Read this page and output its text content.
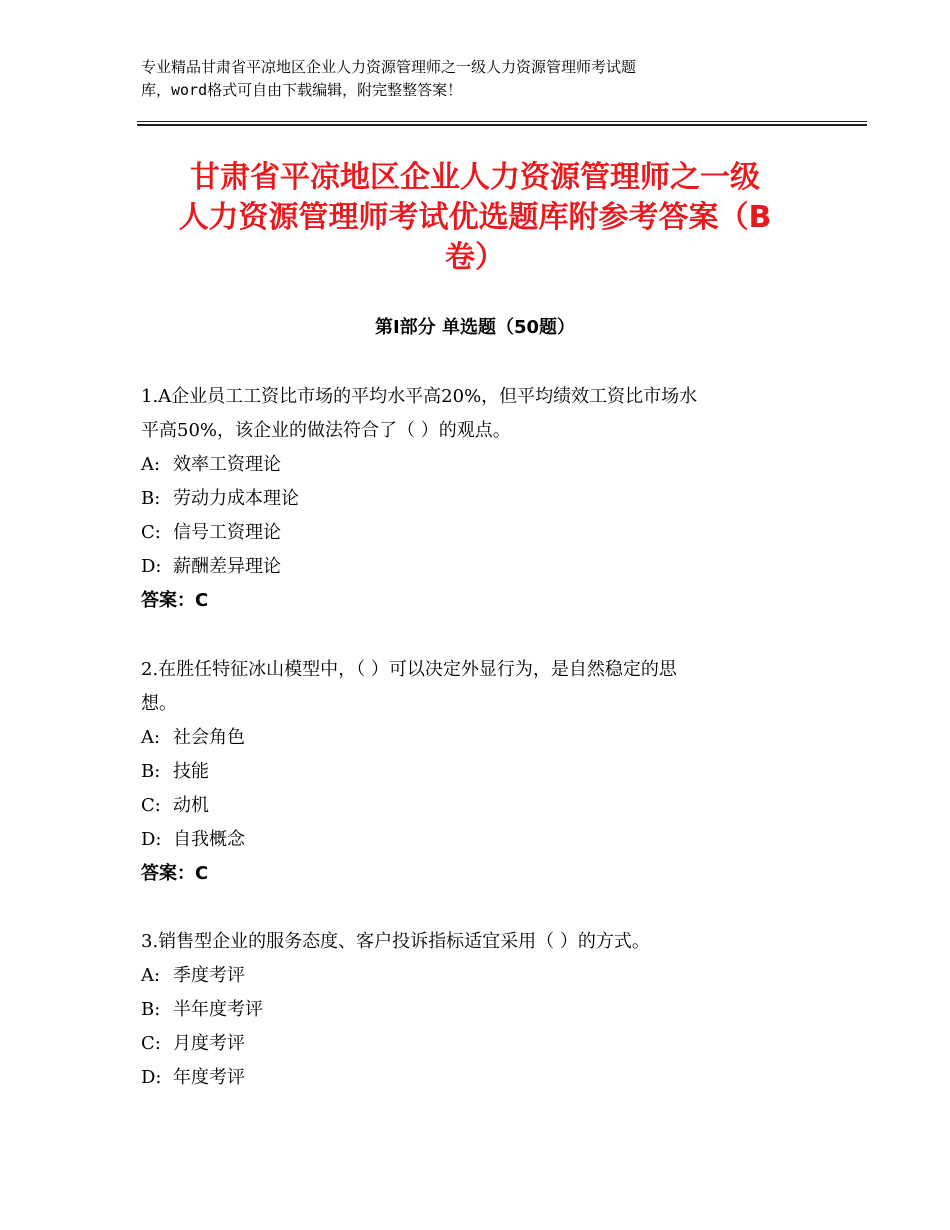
专业精品甘肃省平凉地区企业人力资源管理师之一级人力资源管理师考试题
库，word格式可自由下载编辑，附完整整答案！
甘肃省平凉地区企业人力资源管理师之一级
人力资源管理师考试优选题库附参考答案（B
卷）
第Ⅰ部分 单选题（50题）
1.A企业员工工资比市场的平均水平高20%，但平均绩效工资比市场水
平高50%，该企业的做法符合了（ ）的观点。
A: 效率工资理论
B: 劳动力成本理论
C: 信号工资理论
D: 薪酬差异理论
答案：C
2.在胜任特征冰山模型中，（ ）可以决定外显行为，是自然稳定的思
想。
A: 社会角色
B: 技能
C: 动机
D: 自我概念
答案：C
3.销售型企业的服务态度、客户投诉指标适宜采用（ ）的方式。
A: 季度考评
B: 半年度考评
C: 月度考评
D: 年度考评
